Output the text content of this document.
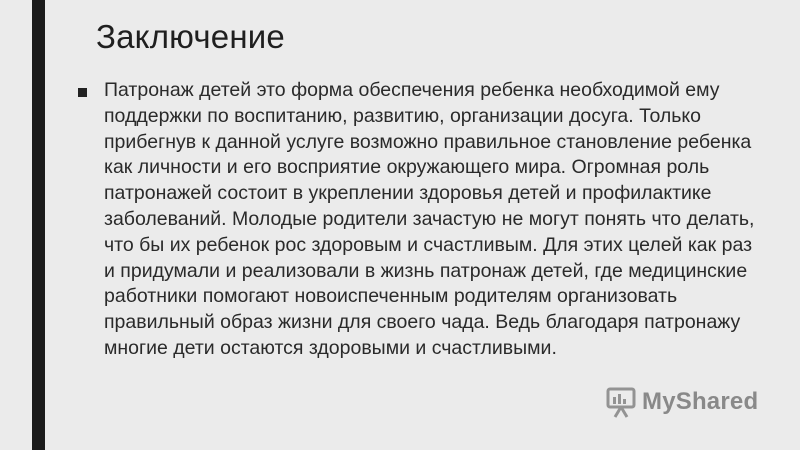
Заключение
Патронаж детей это форма обеспечения ребенка необходимой ему поддержки по воспитанию, развитию, организации досуга. Только прибегнув к данной услуге возможно правильное становление ребенка как личности и его восприятие окружающего мира. Огромная роль патронажей состоит в укреплении здоровья детей и профилактике заболеваний. Молодые родители зачастую не могут понять что делать, что бы их ребенок рос здоровым и счастливым. Для этих целей как раз и придумали и реализовали в жизнь патронаж детей, где медицинские работники помогают новоиспеченным родителям организовать правильный образ жизни для своего чада. Ведь благодаря патронажу многие дети остаются здоровыми и счастливыми.
MyShared
